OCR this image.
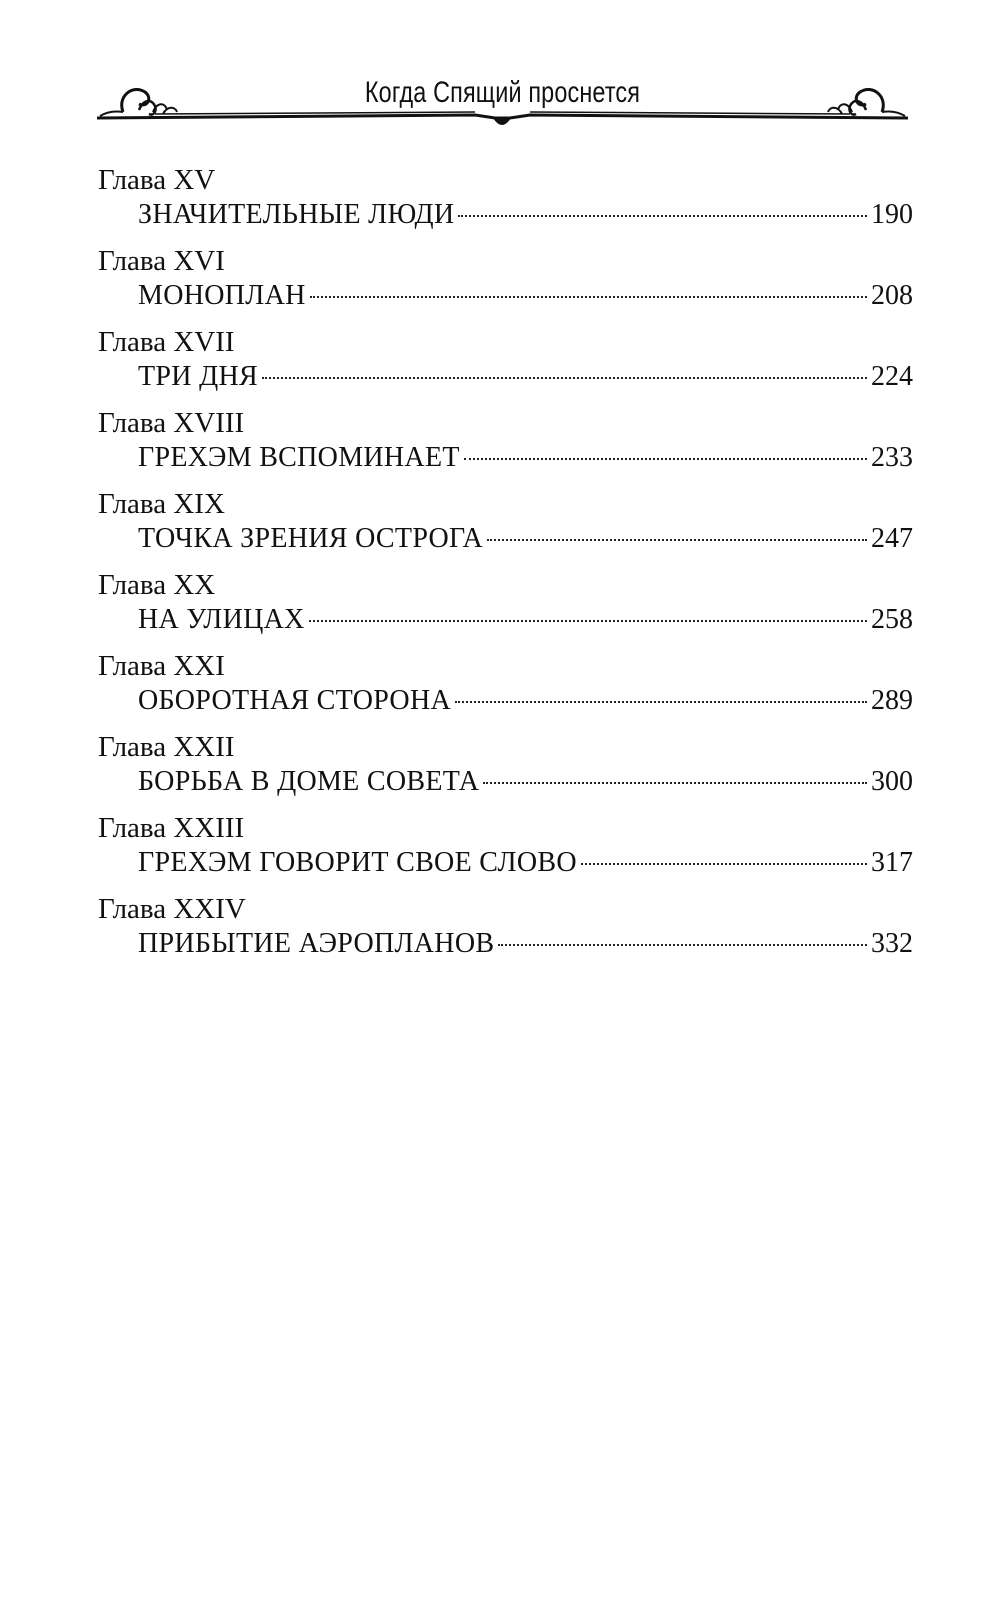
Когда Спящий проснется
Глава XV
ЗНАЧИТЕЛЬНЫЕ ЛЮДИ	190
Глава XVI
МОНОПЛАН	208
Глава XVII
ТРИ ДНЯ	224
Глава XVIII
ГРЕХЭМ ВСПОМИНАЕТ	233
Глава XIX
ТОЧКА ЗРЕНИЯ ОСТРОГА	247
Глава XX
НА УЛИЦАХ	258
Глава XXI
ОБОРОТНАЯ СТОРОНА	289
Глава XXII
БОРЬБА В ДОМЕ СОВЕТА	300
Глава XXIII
ГРЕХЭМ ГОВОРИТ СВОЕ СЛОВО	317
Глава XXIV
ПРИБЫТИЕ АЭРОПЛАНОВ	332
